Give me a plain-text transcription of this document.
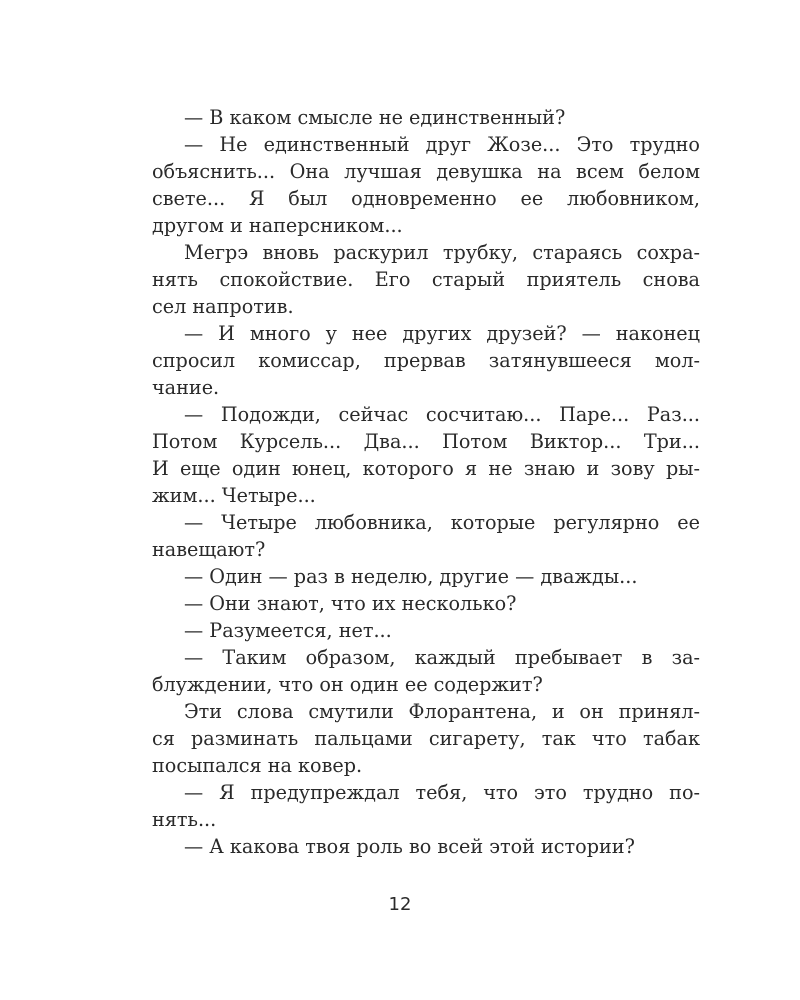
— В каком смысле не единственный?
— Не единственный друг Жозе... Это трудно
объяснить... Она лучшая девушка на всем белом
свете... Я был одновременно ее любовником,
другом и наперсником...
Мегрэ вновь раскурил трубку, стараясь сохра-
нять спокойствие. Его старый приятель снова
сел напротив.
— И много у нее других друзей? — наконец
спросил комиссар, прервав затянувшееся мол-
чание.
— Подожди, сейчас сосчитаю... Паре... Раз...
Потом Курсель... Два... Потом Виктор... Три...
И еще один юнец, которого я не знаю и зову ры-
жим... Четыре...
— Четыре любовника, которые регулярно ее
навещают?
— Один — раз в неделю, другие — дважды...
— Они знают, что их несколько?
— Разумеется, нет...
— Таким образом, каждый пребывает в за-
блуждении, что он один ее содержит?
Эти слова смутили Флорантена, и он принял-
ся разминать пальцами сигарету, так что табак
посыпался на ковер.
— Я предупреждал тебя, что это трудно по-
нять...
— А какова твоя роль во всей этой истории?
12
